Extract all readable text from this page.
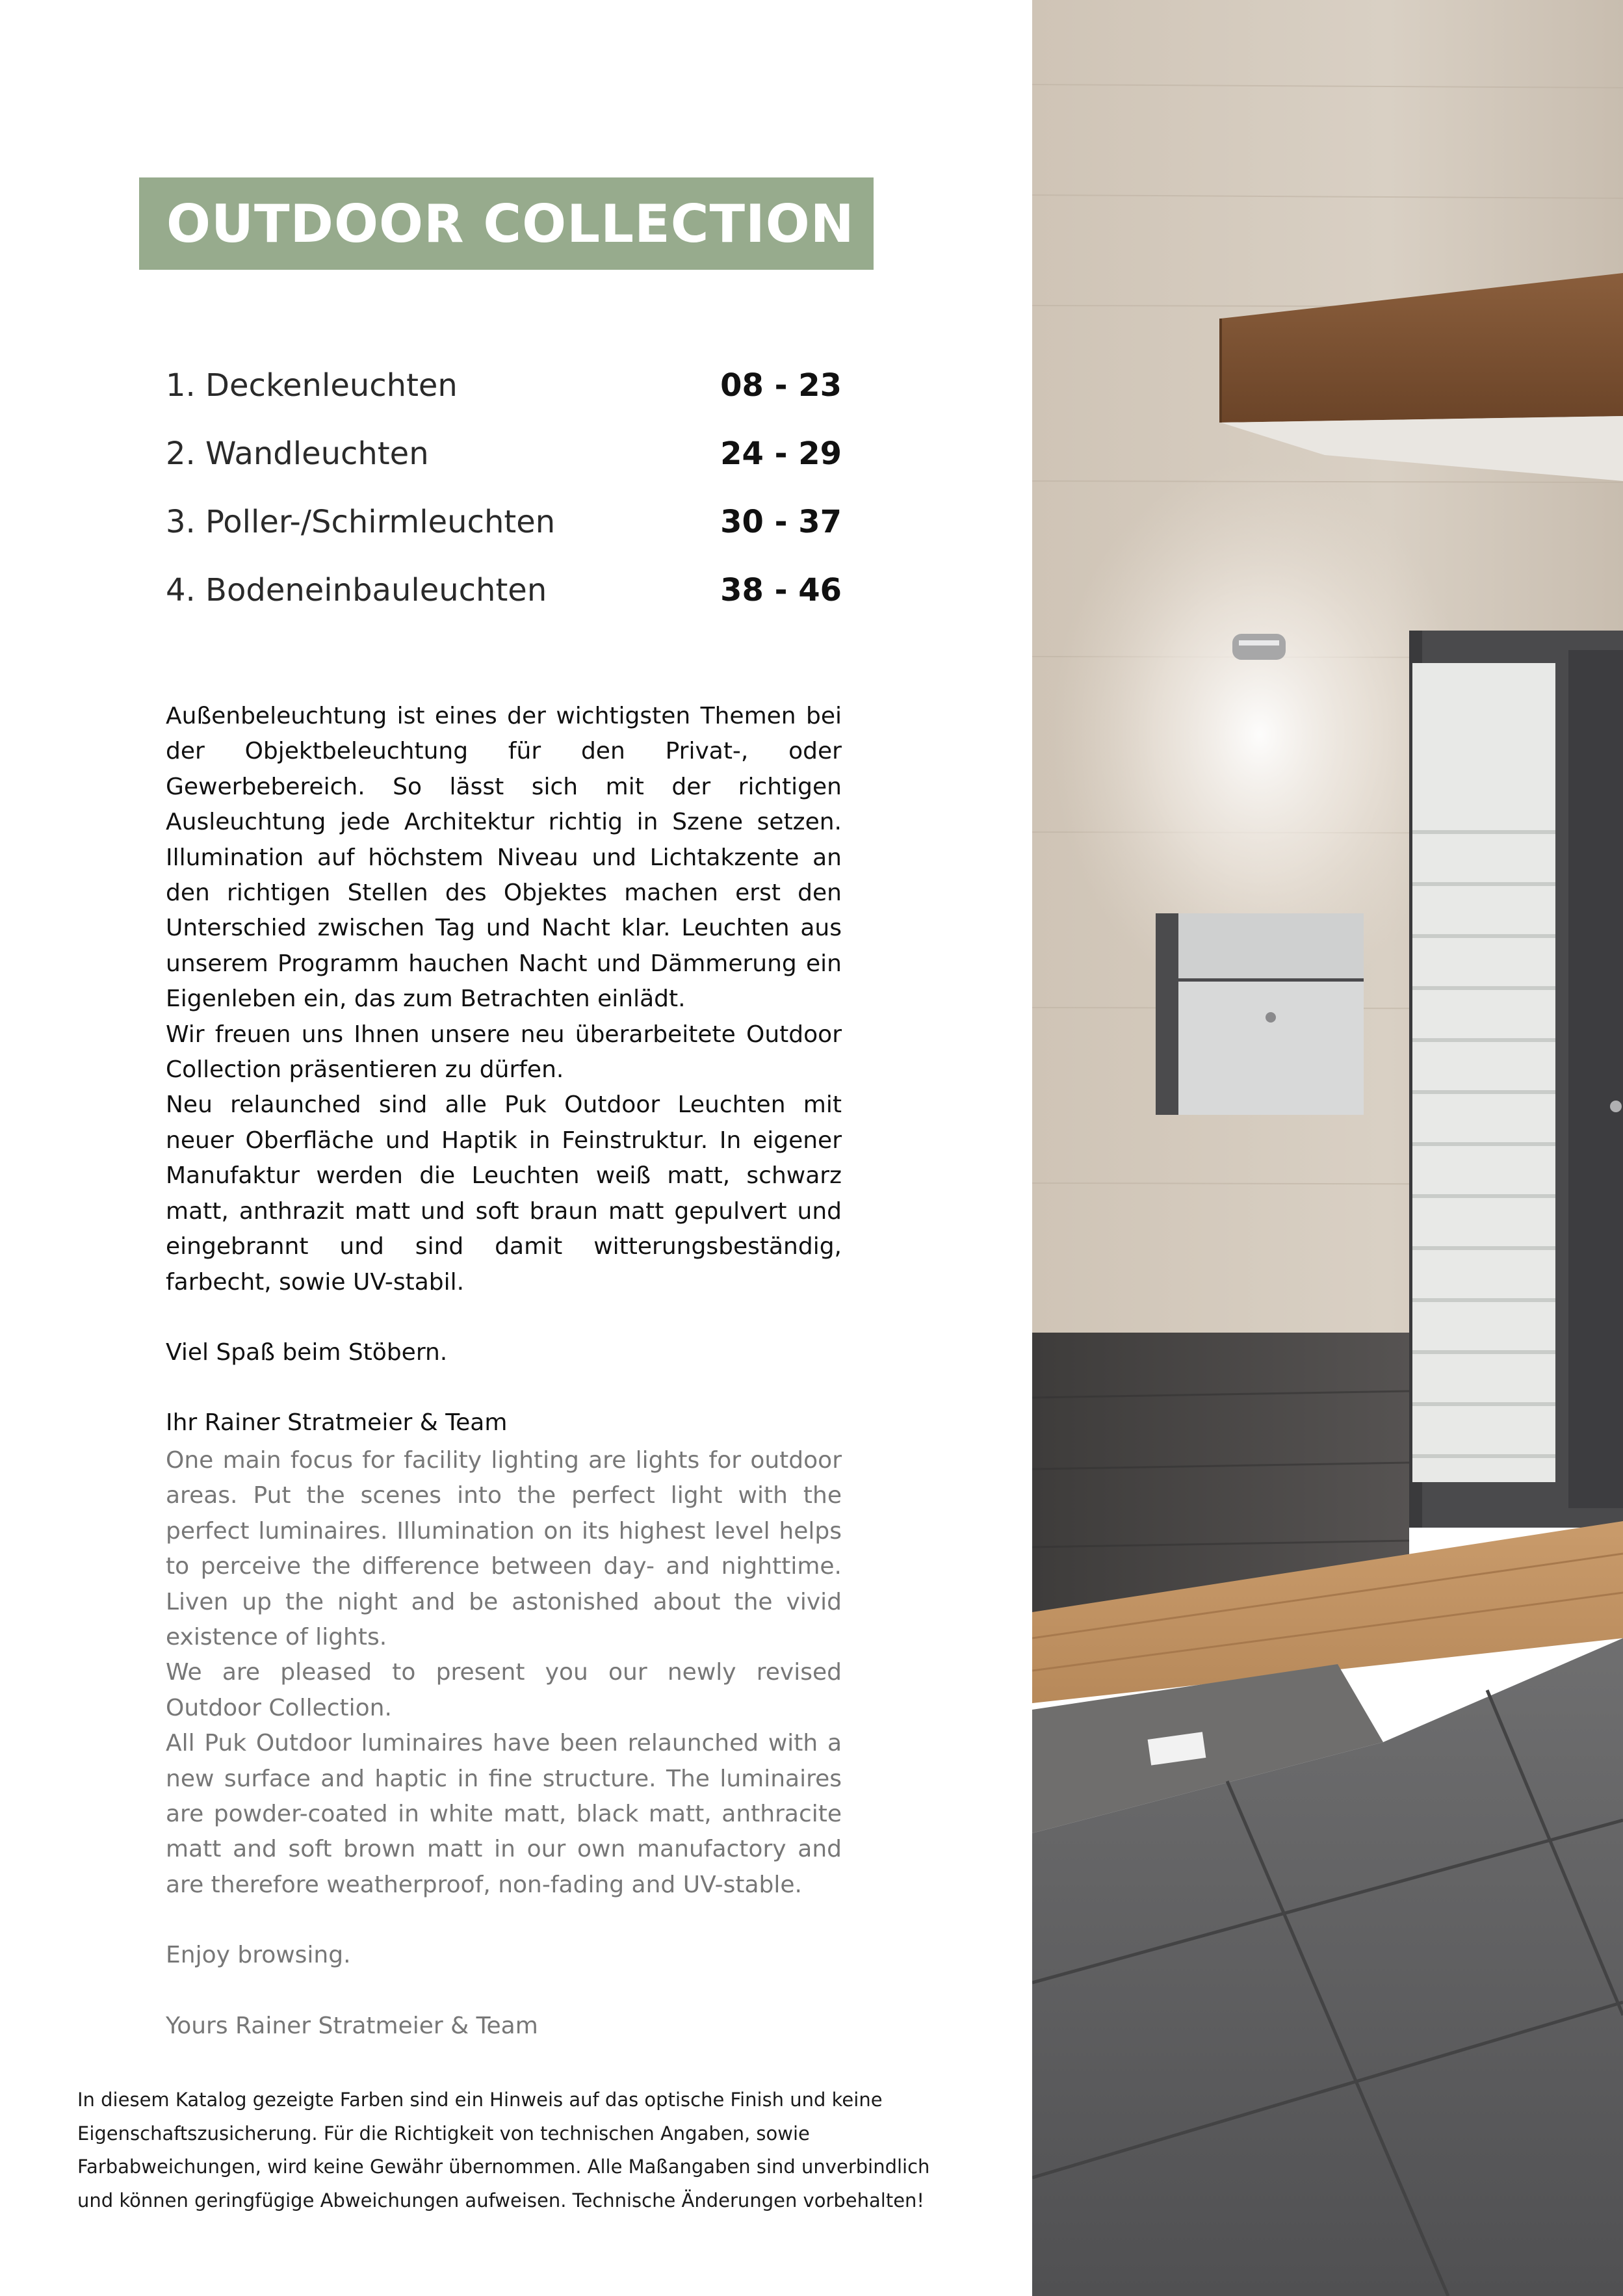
OUTDOOR COLLECTION
1. Deckenleuchten	08 - 23
2. Wandleuchten	24 - 29
3. Poller-/Schirmleuchten	30 - 37
4. Bodeneinbauleuchten	38 - 46

Außenbeleuchtung ist eines der wichtigsten Themen bei der Objektbeleuchtung für den Privat-, oder Gewerbebereich. So lässt sich mit der richtigen Ausleuchtung jede Architektur richtig in Szene setzen. Illumination auf höchstem Niveau und Lichtakzente an den richtigen Stellen des Objektes machen erst den Unterschied zwischen Tag und Nacht klar. Leuchten aus unserem Programm hauchen Nacht und Dämmerung ein Eigenleben ein, das zum Betrachten einlädt.

Wir freuen uns Ihnen unsere neu überarbeitete Outdoor Collection präsentieren zu dürfen.

Neu relaunched sind alle Puk Outdoor Leuchten mit neuer Oberfläche und Haptik in Feinstruktur. In eigener Manufaktur werden die Leuchten weiß matt, schwarz matt, anthrazit matt und soft braun matt gepulvert und eingebrannt und sind damit witterungsbeständig, farbecht, sowie UV-stabil.

Viel Spaß beim Stöbern.

Ihr Rainer Stratmeier & Team

One main focus for facility lighting are lights for outdoor areas. Put the scenes into the perfect light with the perfect luminaires. Illumination on its highest level helps to perceive the difference between day- and nighttime. Liven up the night and be astonished about the vivid existence of lights.

We are pleased to present you our newly revised Outdoor Collection.

All Puk Outdoor luminaires have been relaunched with a new surface and haptic in fine structure. The luminaires are powder-coated in white matt, black matt, anthracite matt and soft brown matt in our own manufactory and are therefore weatherproof, non-fading and UV-stable.

Enjoy browsing.

Yours Rainer Stratmeier & Team

In diesem Katalog gezeigte Farben sind ein Hinweis auf das optische Finish und keine Eigenschaftszusicherung. Für die Richtigkeit von technischen Angaben, sowie Farbabweichungen, wird keine Gewähr übernommen. Alle Maßangaben sind unverbindlich und können geringfügige Abweichungen aufweisen. Technische Änderungen vorbehalten!
